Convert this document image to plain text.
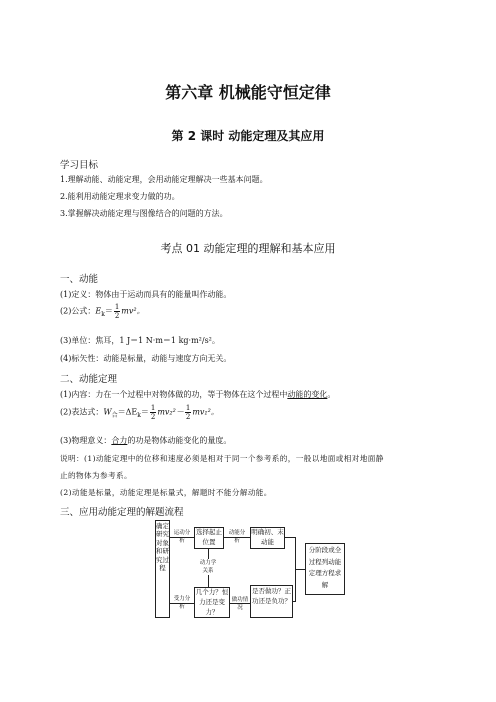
第六章 机械能守恒定律
第 2 课时 动能定理及其应用
学习目标
1.理解动能、动能定理，会用动能定理解决一些基本问题。
2.能利用动能定理求变力做的功。
3.掌握解决动能定理与图像结合的问题的方法。
考点 01 动能定理的理解和基本应用
一、动能
(1)定义：物体由于运动而具有的能量叫作动能。
(2)公式：$E_k= \frac{1}{2} mv^2$。
(3)单位：焦耳，1 J＝1 N·m＝1 kg·m²/s²。
(4)标矢性：动能是标量，动能与速度方向无关。
二、动能定理
(1)内容：力在一个过程中对物体做的功，等于物体在这个过程中动能的变化。
(2)表达式：$W_合=\Delta E_k= \frac{1}{2} mv_2^2- \frac{1}{2} mv_1^2$。
(3)物理意义：合力的功是物体动能变化的量度。
说明：(1)动能定理中的位移和速度必须是相对于同一个参考系的，一般以地面或相对地面静
止的物体为参考系。
(2)动能是标量，动能定理是标量式，解题时不能分解动能。
三、应用动能定理的解题流程
确定研究对象和研究过程
运动分析
受力分析
选择起止位置
动能分析
明确初、末动能
动力学关系
几个力？恒力还是变力？
做功情况
是否做功？正功还是负功？
分阶段或全过程列动能定理方程求解
